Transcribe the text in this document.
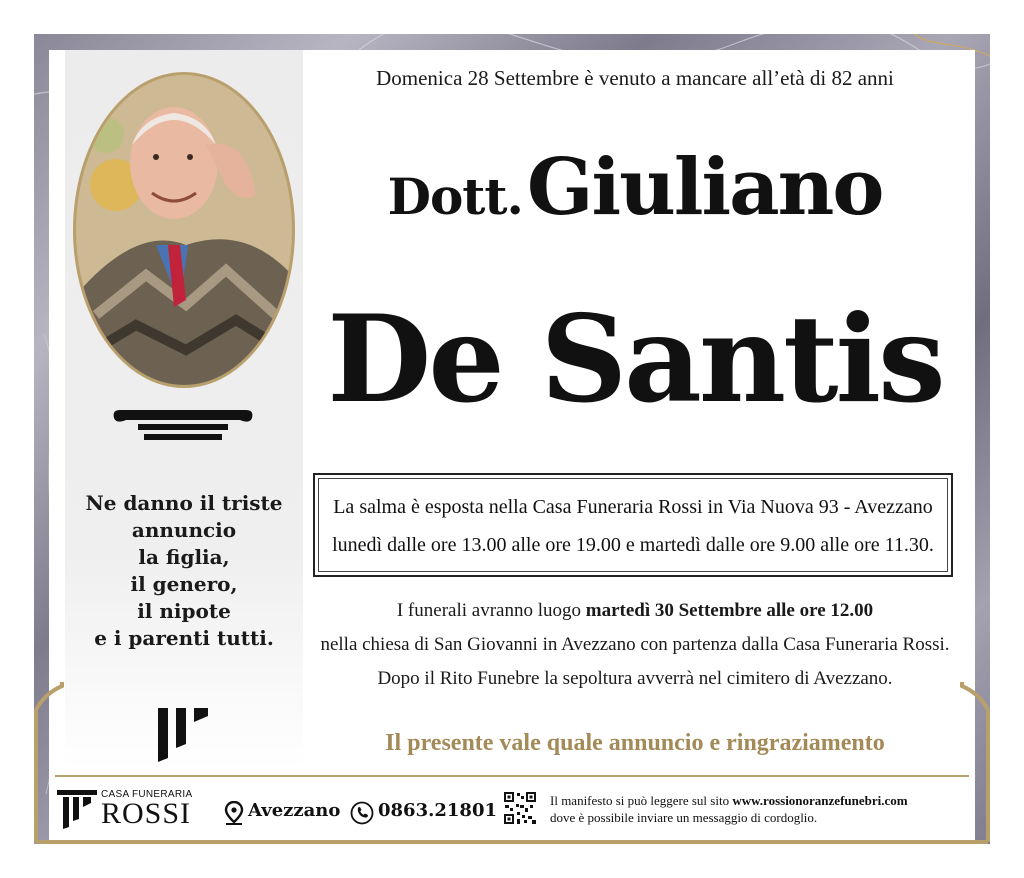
Ne danno il triste
annuncio
la figlia,
il genero,
il nipote
e i parenti tutti.
Domenica 28 Settembre è venuto a mancare all’età di 82 anni
Dott. Giuliano
De Santis
La salma è esposta nella Casa Funeraria Rossi in Via Nuova 93 - Avezzano
lunedì dalle ore 13.00 alle ore 19.00 e martedì dalle ore 9.00 alle ore 11.30.
I funerali avranno luogo martedì 30 Settembre alle ore 12.00
nella chiesa di San Giovanni in Avezzano con partenza dalla Casa Funeraria Rossi.
Dopo il Rito Funebre la sepoltura avverrà nel cimitero di Avezzano.
Il presente vale quale annuncio e ringraziamento
CASA FUNERARIA
ROSSI	Avezzano 0863.21801	Il manifesto si può leggere sul sito www.rossionoranzefunebri.com
dove è possibile inviare un messaggio di cordoglio.
